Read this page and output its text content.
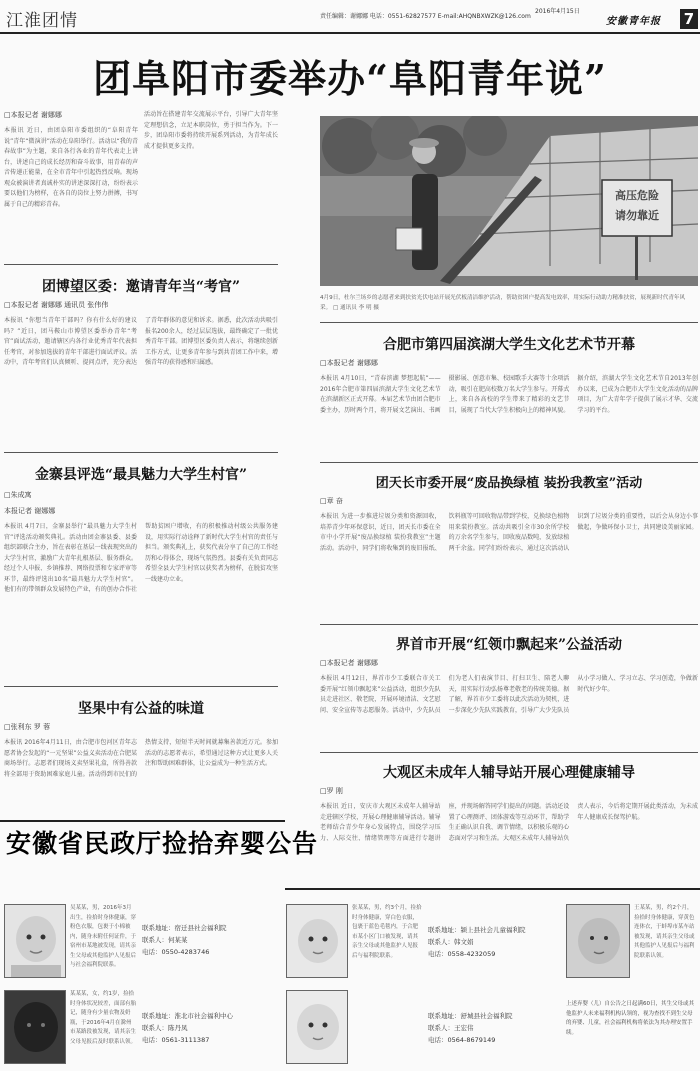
江淮团情	责任编辑：谢娜娜 电话：0551-62827577 E-mail:AHQNBXWZK@126.com
2016年4月15日
安徽青年报 7
团阜阳市委举办“阜阳青年说”
□本报记者 谢娜娜
本报讯 近日，由团阜阳市委组织的“阜阳青年说”青年“微演讲”活动在阜阳举行。活动以“我的青春故事”为主题，来自各行各业的青年代表走上讲台，讲述自己的成长经历和奋斗故事，用青春的声音传递正能量，在全市青年中引起热烈反响。现场观众被演讲者真诚朴实的讲述深深打动，纷纷表示要以他们为榜样，在各自的岗位上努力拼搏，书写属于自己的精彩青春。
活动旨在搭建青年交流展示平台，引导广大青年坚定理想信念，立足本职岗位，勇于担当作为。下一步，团阜阳市委将持续开展系列活动，为青年成长成才提供更多支持。
高压危险 请勿靠近
4月9日，杜尔兰场乡的志愿者来到扶贫光伏电站开展光伏板清洁维护活动，帮助贫困户提高发电效率，用实际行动助力精准扶贫，展现新时代青年风采。 □ 通讯员 李 明 摄
团博望区委：邀请青年当“考官”
□本报记者 谢娜娜 通讯员 张伟伟
本报讯 “你想当青年干部吗？你有什么好的建议吗？”近日，团马鞍山市博望区委举办青年“考官”面试活动，邀请辖区内各行业优秀青年代表担任考官，对参加选拔的青年干部进行面试评议。活动中，青年考官们认真倾听、提问点评，充分表达了青年群体的意见和诉求。据悉，此次活动共吸引报名200余人，经过层层选拔，最终确定了一批优秀青年干部。团博望区委负责人表示，将继续创新工作方式，让更多青年参与到共青团工作中来，增强青年的获得感和归属感。
金寨县评选“最具魅力大学生村官”
□朱成寓
本报记者 谢娜娜
本报讯 4月7日，金寨县举行“最具魅力大学生村官”评选活动颁奖典礼。活动由团金寨县委、县委组织部联合主办，旨在表彰在基层一线表现突出的大学生村官，激励广大青年扎根基层、服务群众。经过个人申报、乡镇推荐、网络投票和专家评审等环节，最终评选出10名“最具魅力大学生村官”。他们有的带领群众发展特色产业，有的创办合作社帮助贫困户增收，有的积极推动村级公共服务建设，用实际行动诠释了新时代大学生村官的责任与担当。颁奖典礼上，获奖代表分享了自己的工作经历和心得体会，现场气氛热烈。县委有关负责同志希望全县大学生村官以获奖者为榜样，在脱贫攻坚一线建功立业。
坚果中有公益的味道
□张利东 罗 蓉
本报讯 2016年4月11日，由合肥市包河区青年志愿者协会发起的“一元坚果”公益义卖活动在合肥某商场举行。志愿者们现场义卖坚果礼盒，所得善款将全部用于资助困难家庭儿童。活动得到市民们的热情支持，短短半天时间就募集善款近万元。参加活动的志愿者表示，希望通过这种方式让更多人关注和帮助困难群体，让公益成为一种生活方式。
合肥市第四届滨湖大学生文化艺术节开幕
□本报记者 谢娜娜
本报讯 4月10日，“青春滨湖 梦想起航”——2016年合肥市第四届滨湖大学生文化艺术节在滨湖新区正式开幕。本届艺术节由团合肥市委主办，历时两个月，将开展文艺演出、书画摄影展、创意市集、校园歌手大赛等十余项活动，吸引在肥高校数万名大学生参与。开幕式上，来自各高校的学生带来了精彩的文艺节目，展现了当代大学生积极向上的精神风貌。据介绍，滨湖大学生文化艺术节自2013年创办以来，已成为合肥市大学生文化活动的品牌项目，为广大青年学子提供了展示才华、交流学习的平台。
团天长市委开展“废品换绿植 装扮我教室”活动
□章 奋
本报讯 为进一步推进垃圾分类和资源回收，培养青少年环保意识，近日，团天长市委在全市中小学开展“废品换绿植 装扮我教室”主题活动。活动中，同学们将收集到的废旧报纸、饮料瓶等可回收物品带到学校，兑换绿色植物用来装扮教室。活动共吸引全市30余所学校的万余名学生参与，回收废品数吨，发放绿植两千余盆。同学们纷纷表示，通过这次活动认识到了垃圾分类的重要性，以后会从身边小事做起，争做环保小卫士，共同建设美丽家园。
界首市开展“红领巾飘起来”公益活动
□本报记者 谢娜娜
本报讯 4月12日，界首市少工委联合市关工委开展“红领巾飘起来”公益活动，组织少先队员走进社区、敬老院，开展环境清洁、文艺慰问、安全宣传等志愿服务。活动中，少先队员们为老人们表演节目、打扫卫生、陪老人聊天，用实际行动弘扬尊老敬老的传统美德。据了解，界首市少工委将以此次活动为契机，进一步深化少先队实践教育，引导广大少先队员从小学习做人、学习立志、学习创造，争做新时代好少年。
大观区未成年人辅导站开展心理健康辅导
□罗 刚
本报讯 近日，安庆市大观区未成年人辅导站走进辖区学校，开展心理健康辅导活动。辅导老师结合青少年身心发展特点，围绕学习压力、人际交往、情绪管理等方面进行专题讲座，并现场解答同学们提出的问题。活动还设置了心理测评、团体游戏等互动环节，帮助学生正确认识自我、调节情绪，以积极乐观的心态面对学习和生活。大观区未成年人辅导站负责人表示，今后将定期开展此类活动，为未成年人健康成长保驾护航。
安徽省民政厅捡拾弃婴公告
吴某某，男，2016年3月出生，捡拾时身体健康，穿粉色衣服，包裹于小棉被内，随身未附任何证件，于宿州市某地被发现，请其亲生父母或其他监护人见报后与社会福利院联系。
联系地址：宿迁县社会福利院
联系人：何某某
电话：0550-4283746
某某某，女，约1岁，捡拾时身体状况较差，面部有胎记，随身有少量衣物及奶瓶，于2016年4月在滁州市某路段被发现，请其亲生父母见报后及时联系认领。
联系地址：淮北市社会福利中心
联系人：陈丹凤
电话：0561-3111387
张某某，男，约3个月，捡拾时身体健康，穿白色衣服，包裹于蓝色毛毯内，于合肥市某小区门口被发现，请其亲生父母或其他监护人见报后与福利院联系。
联系地址：颍上县社会儿童福利院
联系人：韩文娟
电话：0558-4232059
联系地址：舒城县社会福利院
联系人：王宏伟
电话：0564-8679149
王某某，男，约2个月，捡拾时身体健康，穿黄色连体衣，于蚌埠市某车站被发现，请其亲生父母或其他监护人见报后与福利院联系认领。
上述弃婴（儿）自公告之日起满60日，其生父母或其他监护人未来福利机构认领的，视为查找不到生父母的弃婴、儿童，社会福利机构将依法为其办理安置手续。
